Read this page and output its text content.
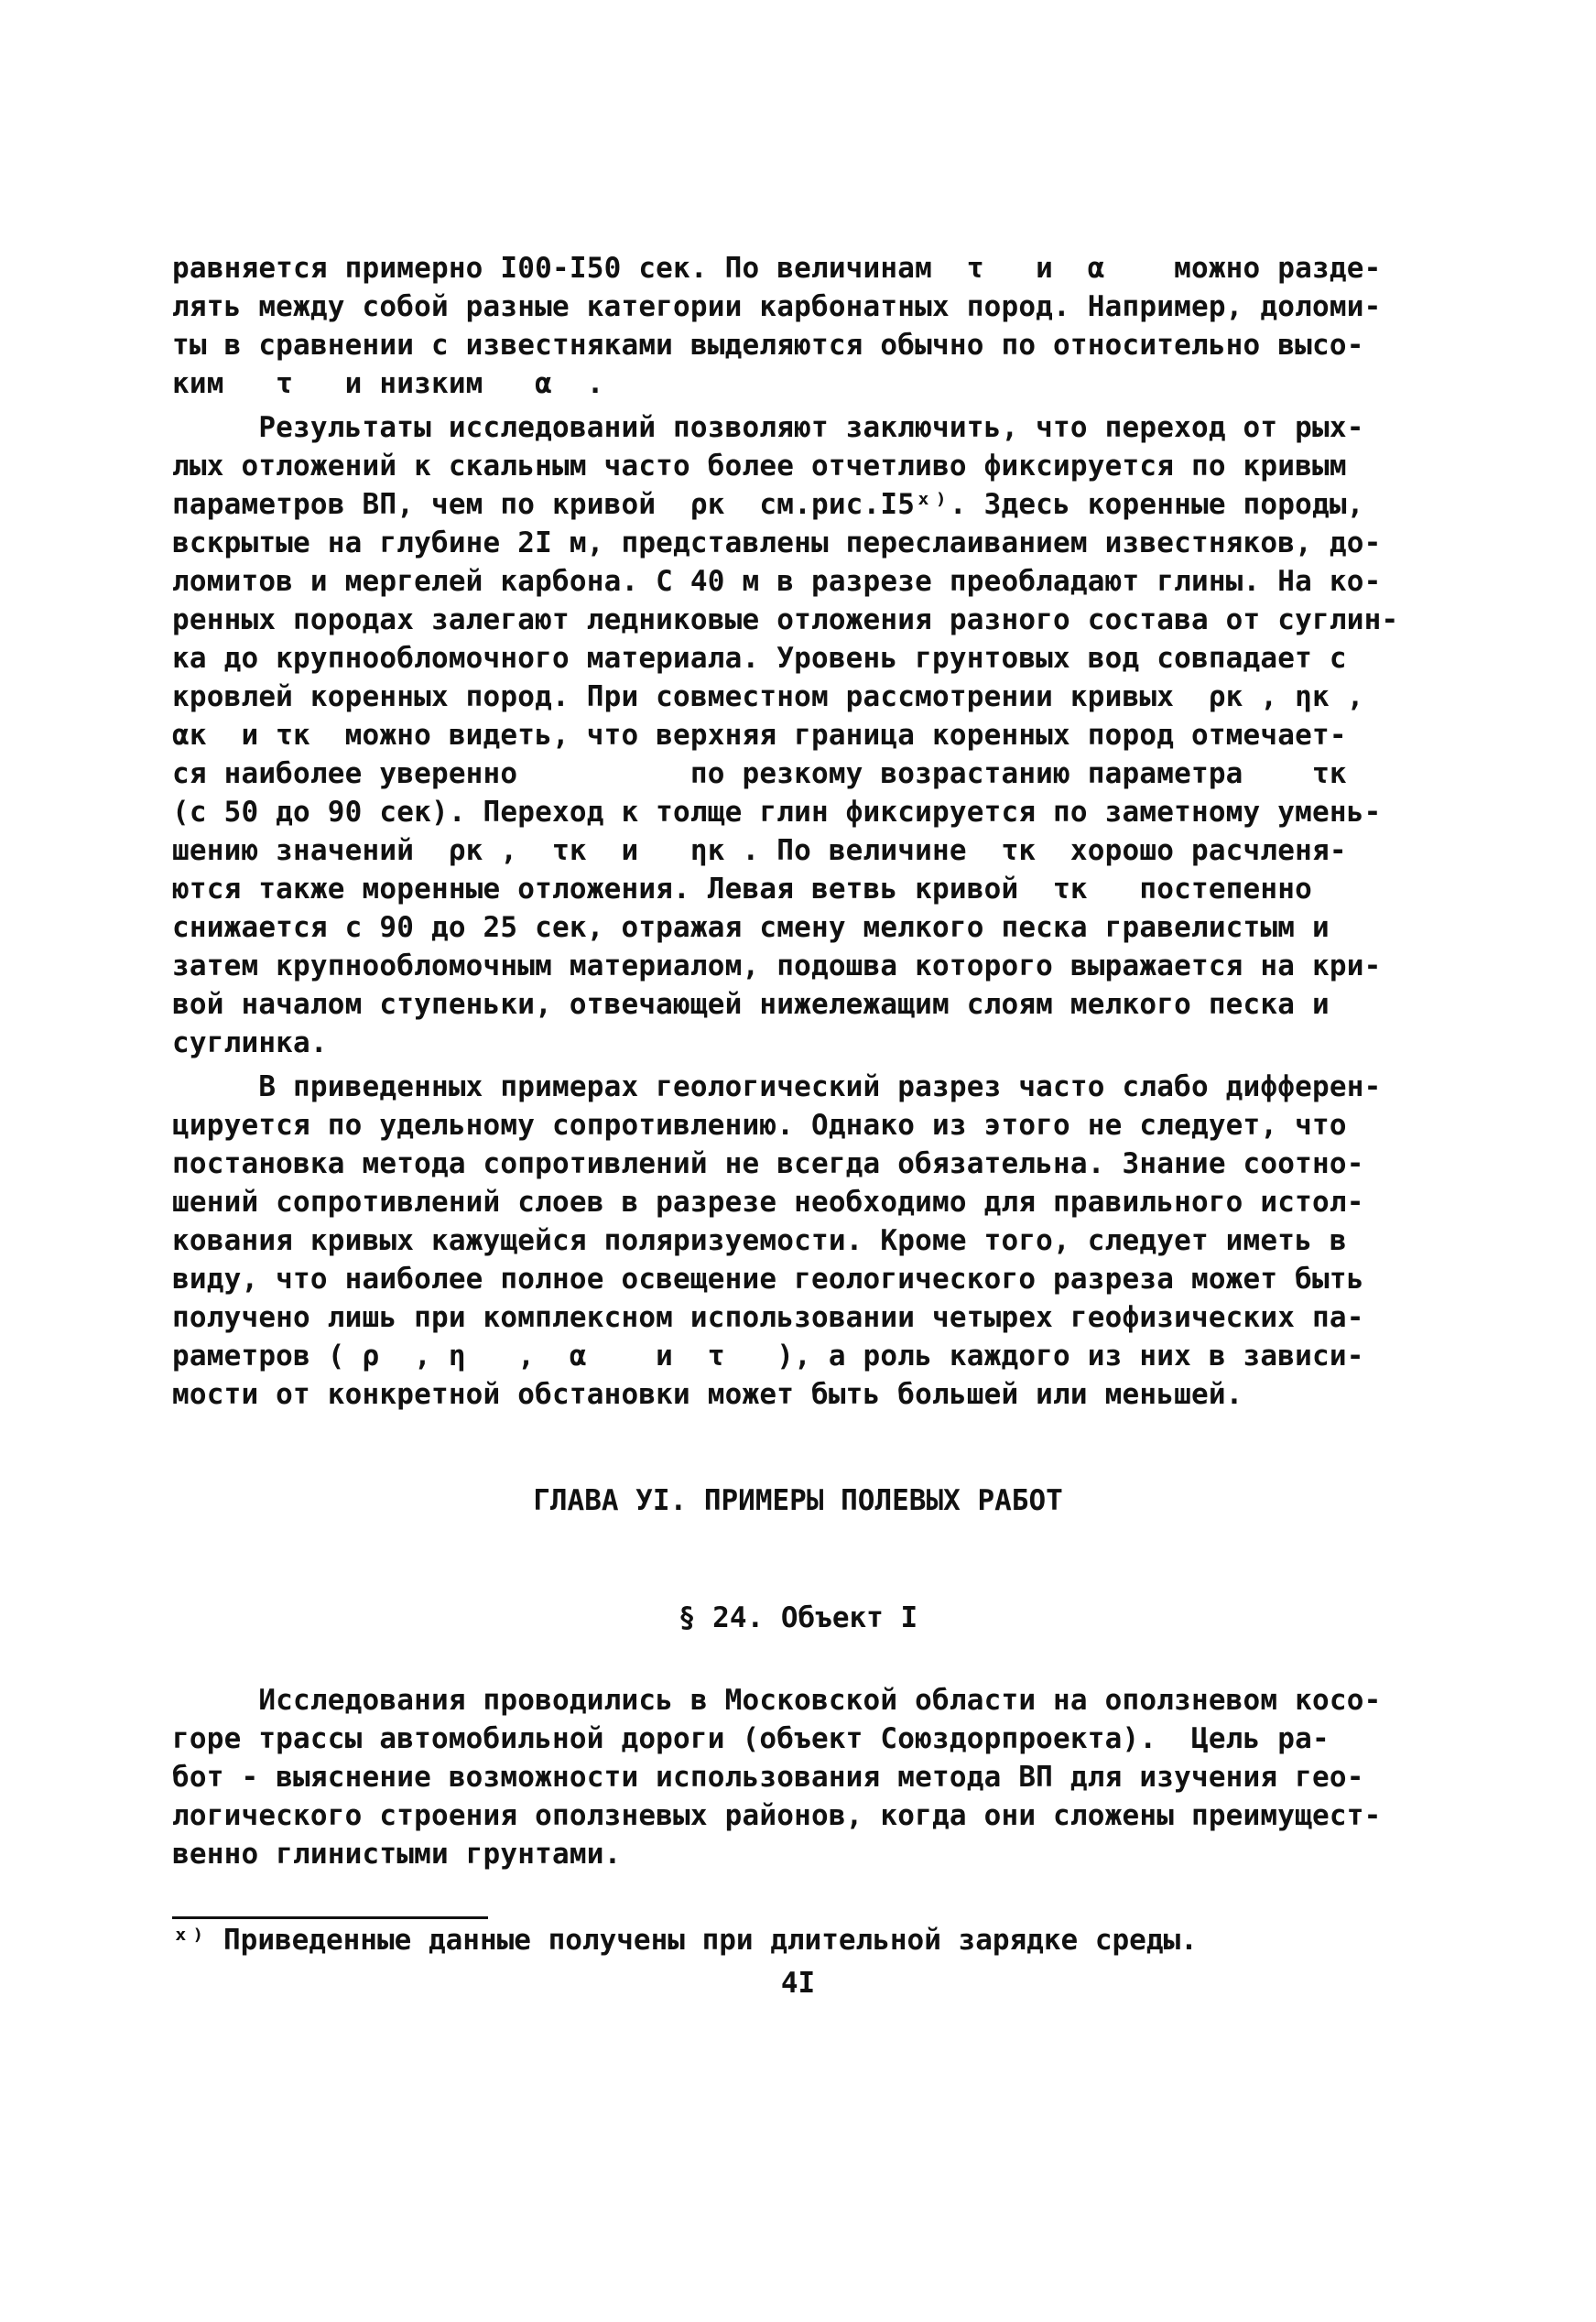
равняется примерно I00-I50 сек. По величинам  τ   и  α    можно разде-
лять между собой разные категории карбонатных пород. Например, доломи-
ты в сравнении с известняками выделяются обычно по относительно высо-
ким   τ   и низким   α  .
Результаты исследований позволяют заключить, что переход от рых-
лых отложений к скальным часто более отчетливо фиксируется по кривым
параметров ВП, чем по кривой  ρк  см.рис.I5ˣ⁾. Здесь коренные породы,
вскрытые на глубине 2I м, представлены переслаиванием известняков, до-
ломитов и мергелей карбона. С 40 м в разрезе преобладают глины. На ко-
ренных породах залегают ледниковые отложения разного состава от суглин-
ка до крупнообломочного материала. Уровень грунтовых вод совпадает с
кровлей коренных пород. При совместном рассмотрении кривых  ρк , ηк ,
αк  и τк  можно видеть, что верхняя граница коренных пород отмечает-
ся наиболее уверенно          по резкому возрастанию параметра    τк
(с 50 до 90 сек). Переход к толще глин фиксируется по заметному умень-
шению значений  ρк ,  τк  и   ηк . По величине  τк  хорошо расчленя-
ются также моренные отложения. Левая ветвь кривой  τк   постепенно
снижается с 90 до 25 сек, отражая смену мелкого песка гравелистым и
затем крупнообломочным материалом, подошва которого выражается на кри-
вой началом ступеньки, отвечающей нижележащим слоям мелкого песка и
суглинка.
В приведенных примерах геологический разрез часто слабо дифферен-
цируется по удельному сопротивлению. Однако из этого не следует, что
постановка метода сопротивлений не всегда обязательна. Знание соотно-
шений сопротивлений слоев в разрезе необходимо для правильного истол-
кования кривых кажущейся поляризуемости. Кроме того, следует иметь в
виду, что наиболее полное освещение геологического разреза может быть
получено лишь при комплексном использовании четырех геофизических па-
раметров ( ρ  , η   ,  α    и  τ   ), а роль каждого из них в зависи-
мости от конкретной обстановки может быть большей или меньшей.
ГЛАВА УI. ПРИМЕРЫ ПОЛЕВЫХ РАБОТ
§ 24. Объект I
Исследования проводились в Московской области на оползневом косо-
горе трассы автомобильной дороги (объект Союздорпроекта).  Цель ра-
бот - выяснение возможности использования метода ВП для изучения гео-
логического строения оползневых районов, когда они сложены преимущест-
венно глинистыми грунтами.
ˣ⁾ Приведенные данные получены при длительной зарядке среды.
4I
